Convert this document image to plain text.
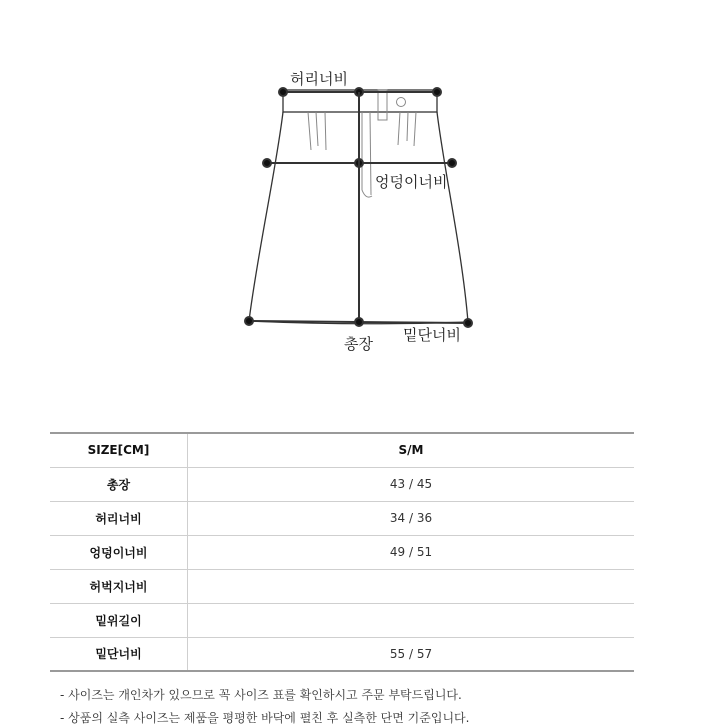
허리너비
엉덩이너비
총장 밑단너비
SIZE[CM]	S/M
총장	43 / 45
허리너비	34 / 36
엉덩이너비	49 / 51
허벅지너비	
밑위길이	
밑단너비	55 / 57
- 사이즈는 개인차가 있으므로 꼭 사이즈 표를 확인하시고 주문 부탁드립니다.
- 상품의 실측 사이즈는 제품을 평평한 바닥에 펼친 후 실측한 단면 기준입니다.
